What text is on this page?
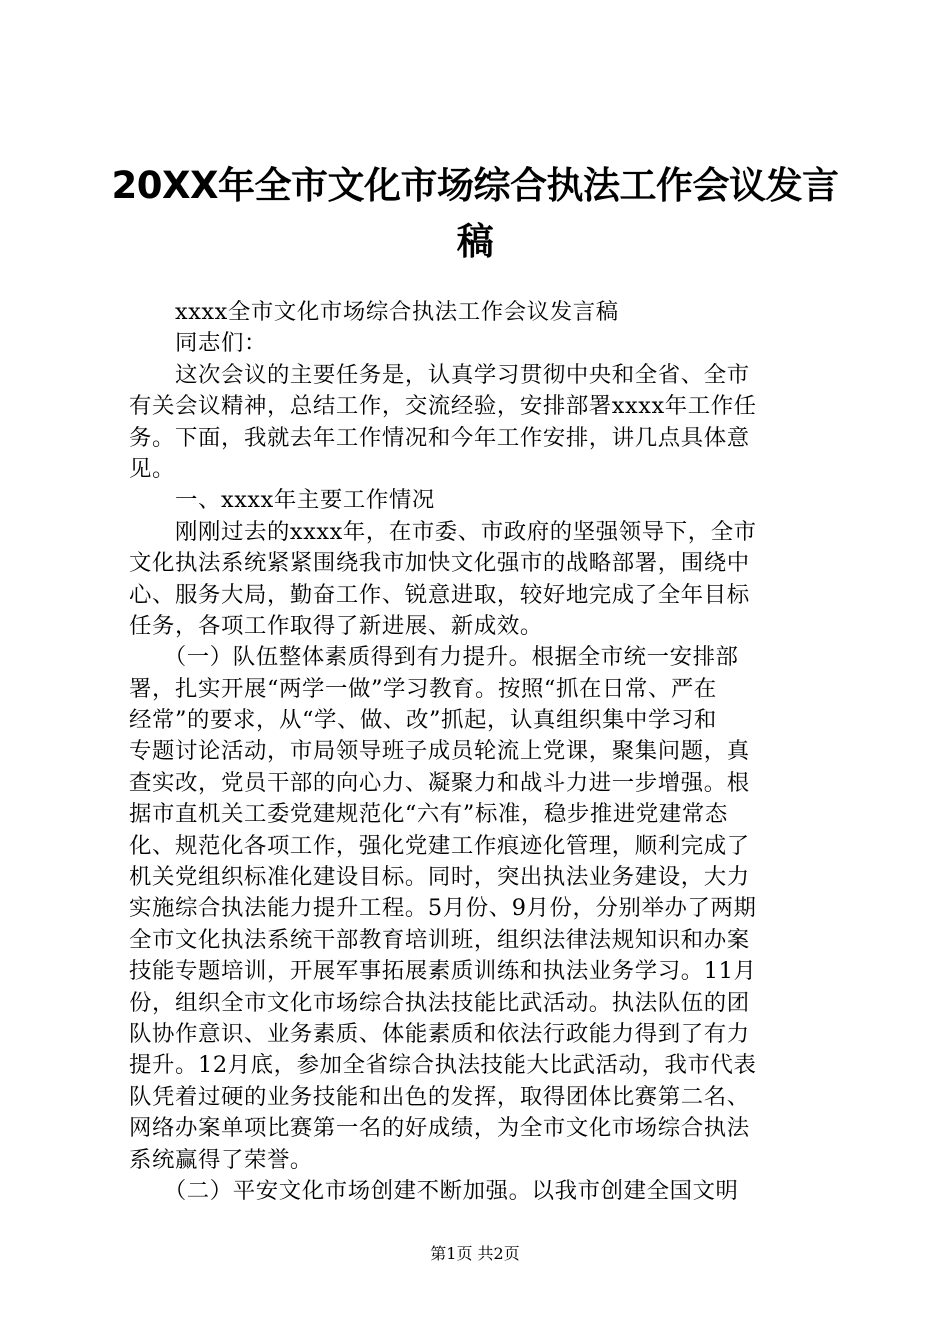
20XX年全市文化市场综合执法工作会议发言
稿
　　xxxx全市文化市场综合执法工作会议发言稿
　　同志们：
　　这次会议的主要任务是，认真学习贯彻中央和全省、全市
有关会议精神，总结工作，交流经验，安排部署xxxx年工作任
务。下面，我就去年工作情况和今年工作安排，讲几点具体意
见。
　　一、xxxx年主要工作情况
　　刚刚过去的xxxx年，在市委、市政府的坚强领导下，全市
文化执法系统紧紧围绕我市加快文化强市的战略部署，围绕中
心、服务大局，勤奋工作、锐意进取，较好地完成了全年目标
任务，各项工作取得了新进展、新成效。
　　（一）队伍整体素质得到有力提升。根据全市统一安排部
署，扎实开展“两学一做”学习教育。按照“抓在日常、严在
经常”的要求，从“学、做、改”抓起，认真组织集中学习和
专题讨论活动，市局领导班子成员轮流上党课，聚集问题，真
查实改，党员干部的向心力、凝聚力和战斗力进一步增强。根
据市直机关工委党建规范化“六有”标准，稳步推进党建常态
化、规范化各项工作，强化党建工作痕迹化管理，顺利完成了
机关党组织标准化建设目标。同时，突出执法业务建设，大力
实施综合执法能力提升工程。5月份、9月份，分别举办了两期
全市文化执法系统干部教育培训班，组织法律法规知识和办案
技能专题培训，开展军事拓展素质训练和执法业务学习。11月
份，组织全市文化市场综合执法技能比武活动。执法队伍的团
队协作意识、业务素质、体能素质和依法行政能力得到了有力
提升。12月底，参加全省综合执法技能大比武活动，我市代表
队凭着过硬的业务技能和出色的发挥，取得团体比赛第二名、
网络办案单项比赛第一名的好成绩，为全市文化市场综合执法
系统赢得了荣誉。
　　（二）平安文化市场创建不断加强。以我市创建全国文明
第1页 共2页
